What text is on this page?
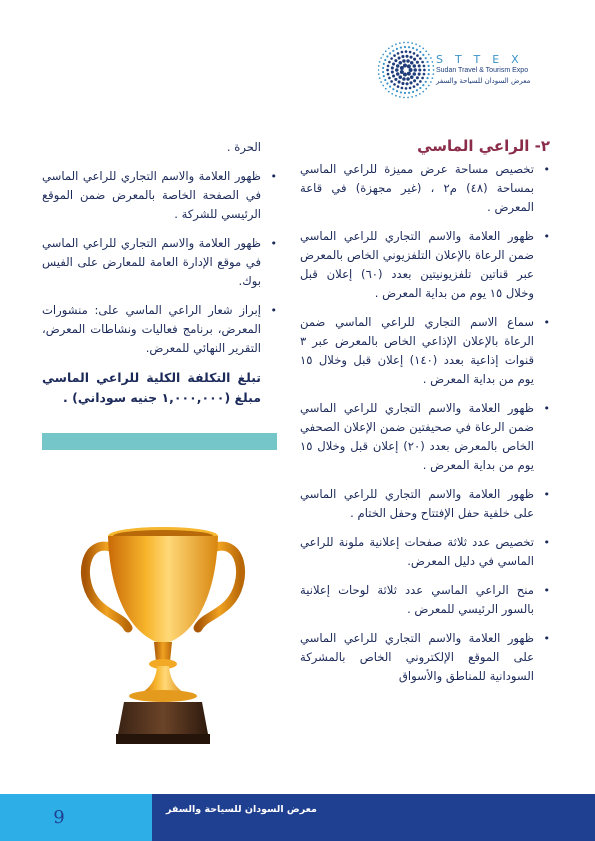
STTEX
Sudan Travel & Tourism Expo
معرض السودان للسياحة والسفر
٢- الراعي الماسي
• تخصيص مساحة عرض مميزة للراعي الماسي بمساحة (٤٨) م٢ ، (غير مجهزة) في قاعة المعرض .
• ظهور العلامة والاسم التجاري للراعي الماسي ضمن الرعاة بالإعلان التلفزيوني الخاص بالمعرض عبر قناتين تلفزيونيتين بعدد (٦٠) إعلان قبل وخلال ١٥ يوم من بداية المعرض .
• سماع الاسم التجاري للراعي الماسي ضمن الرعاة بالإعلان الإذاعي الخاص بالمعرض عبر ٣ قنوات إذاعية بعدد (١٤٠) إعلان قبل وخلال ١٥ يوم من بداية المعرض .
• ظهور العلامة والاسم التجاري للراعي الماسي ضمن الرعاة في صحيفتين ضمن الإعلان الصحفي الخاص بالمعرض بعدد (٢٠) إعلان قبل وخلال ١٥ يوم من بداية المعرض .
• ظهور العلامة والاسم التجاري للراعي الماسي على خلفية حفل الإفتتاح وحفل الختام .
• تخصيص عدد ثلاثة صفحات إعلانية ملونة للراعي الماسي في دليل المعرض.
• منح الراعي الماسي عدد ثلاثة لوحات إعلانية بالسور الرئيسي للمعرض .
• ظهور العلامة والاسم التجاري للراعي الماسي على الموقع الإلكتروني الخاص بالمشركة السودانية للمناطق والأسواق

الحرة .

• ظهور العلامة والاسم التجاري للراعي الماسي في الصفحة الخاصة بالمعرض ضمن الموقع الرئيسي للشركة .
• ظهور العلامة والاسم التجاري للراعي الماسي في موقع الإدارة العامة للمعارض على الفيس بوك.
• إبراز شعار الراعي الماسي على: منشورات المعرض، برنامج فعاليات ونشاطات المعرض، التقرير النهائي للمعرض.

تبلغ التكلفة الكلية للراعي الماسي مبلغ (١,٠٠٠,٠٠٠ جنيه سوداني) .

9	معرض السودان للسياحة والسفر
